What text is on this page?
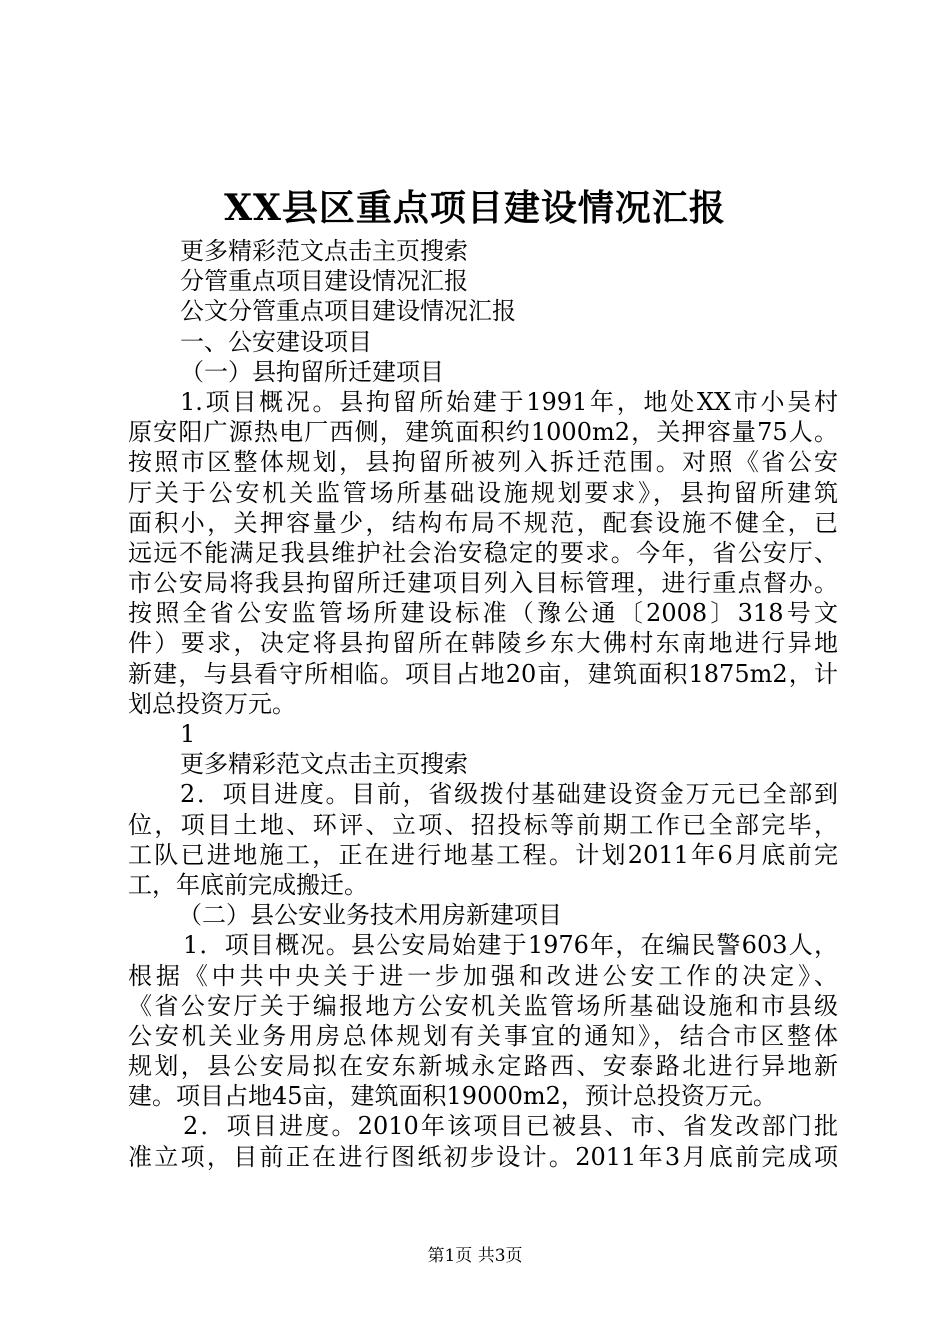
XX县区重点项目建设情况汇报
更多精彩范文点击主页搜索
分管重点项目建设情况汇报
公文分管重点项目建设情况汇报
一、公安建设项目
（一）县拘留所迁建项目
1.项目概况。县拘留所始建于1991年，地处XX市小吴村
原安阳广源热电厂西侧，建筑面积约1000m2，关押容量75人。
按照市区整体规划，县拘留所被列入拆迁范围。对照《省公安
厅关于公安机关监管场所基础设施规划要求》，县拘留所建筑
面积小，关押容量少，结构布局不规范，配套设施不健全，已
远远不能满足我县维护社会治安稳定的要求。今年，省公安厅、
市公安局将我县拘留所迁建项目列入目标管理，进行重点督办。
按照全省公安监管场所建设标准（豫公通〔2008〕318号文
件）要求，决定将县拘留所在韩陵乡东大佛村东南地进行异地
新建，与县看守所相临。项目占地20亩，建筑面积1875m2，计
划总投资万元。
1
更多精彩范文点击主页搜索
2．项目进度。目前，省级拨付基础建设资金万元已全部到
位，项目土地、环评、立项、招投标等前期工作已全部完毕，
工队已进地施工，正在进行地基工程。计划2011年6月底前完
工，年底前完成搬迁。
（二）县公安业务技术用房新建项目
1．项目概况。县公安局始建于1976年，在编民警603人，
根据《中共中央关于进一步加强和改进公安工作的决定》、
《省公安厅关于编报地方公安机关监管场所基础设施和市县级
公安机关业务用房总体规划有关事宜的通知》，结合市区整体
规划，县公安局拟在安东新城永定路西、安泰路北进行异地新
建。项目占地45亩，建筑面积19000m2，预计总投资万元。
2．项目进度。2010年该项目已被县、市、省发改部门批
准立项，目前正在进行图纸初步设计。2011年3月底前完成项
第1页 共3页
